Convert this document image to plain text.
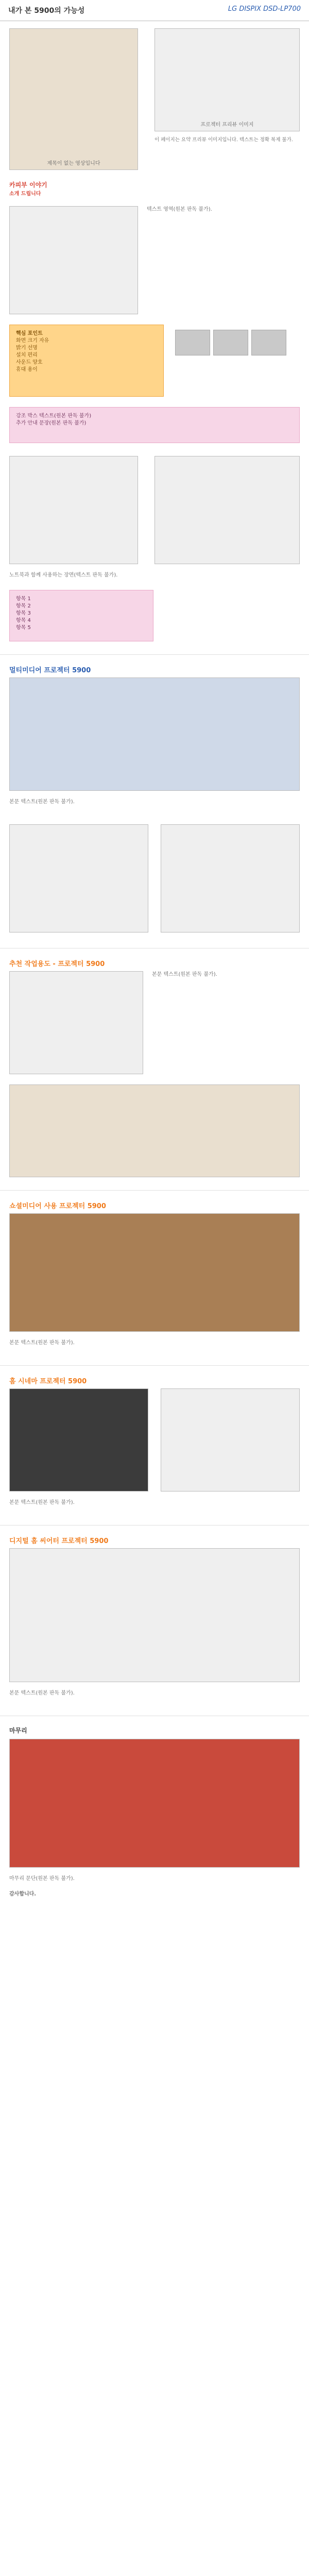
내가 본 5900의 가능성	LG DISPIX DSD-LP700
제목이 없는 영상입니다
프로젝터 프리뷰 이미지
이 페이지는 요약 프리뷰 이미지입니다. 텍스트는 정확 복제 불가.
카피부 이야기
소개 드립니다
텍스트 영역(원본 판독 불가).
핵심 포인트
화면 크기 자유
밝기 선명
설치 편리
사운드 양호
휴대 용이
강조 박스 텍스트(원본 판독 불가)
추가 안내 문장(원본 판독 불가)
노트북과 함께 사용하는 장면(텍스트 판독 불가).
항목 1
항목 2
항목 3
항목 4
항목 5
멀티미디어 프로젝터 5900
본문 텍스트(원본 판독 불가).
추천 작업용도 - 프로젝터 5900
본문 텍스트(원본 판독 불가).
쇼셜미디어 사용 프로젝터 5900
본문 텍스트(원본 판독 불가).
홈 시네마 프로젝터 5900
본문 텍스트(원본 판독 불가).
디지털 홈 씨어터 프로젝터 5900
본문 텍스트(원본 판독 불가).
마무리
마무리 문단(원본 판독 불가).
감사합니다.
